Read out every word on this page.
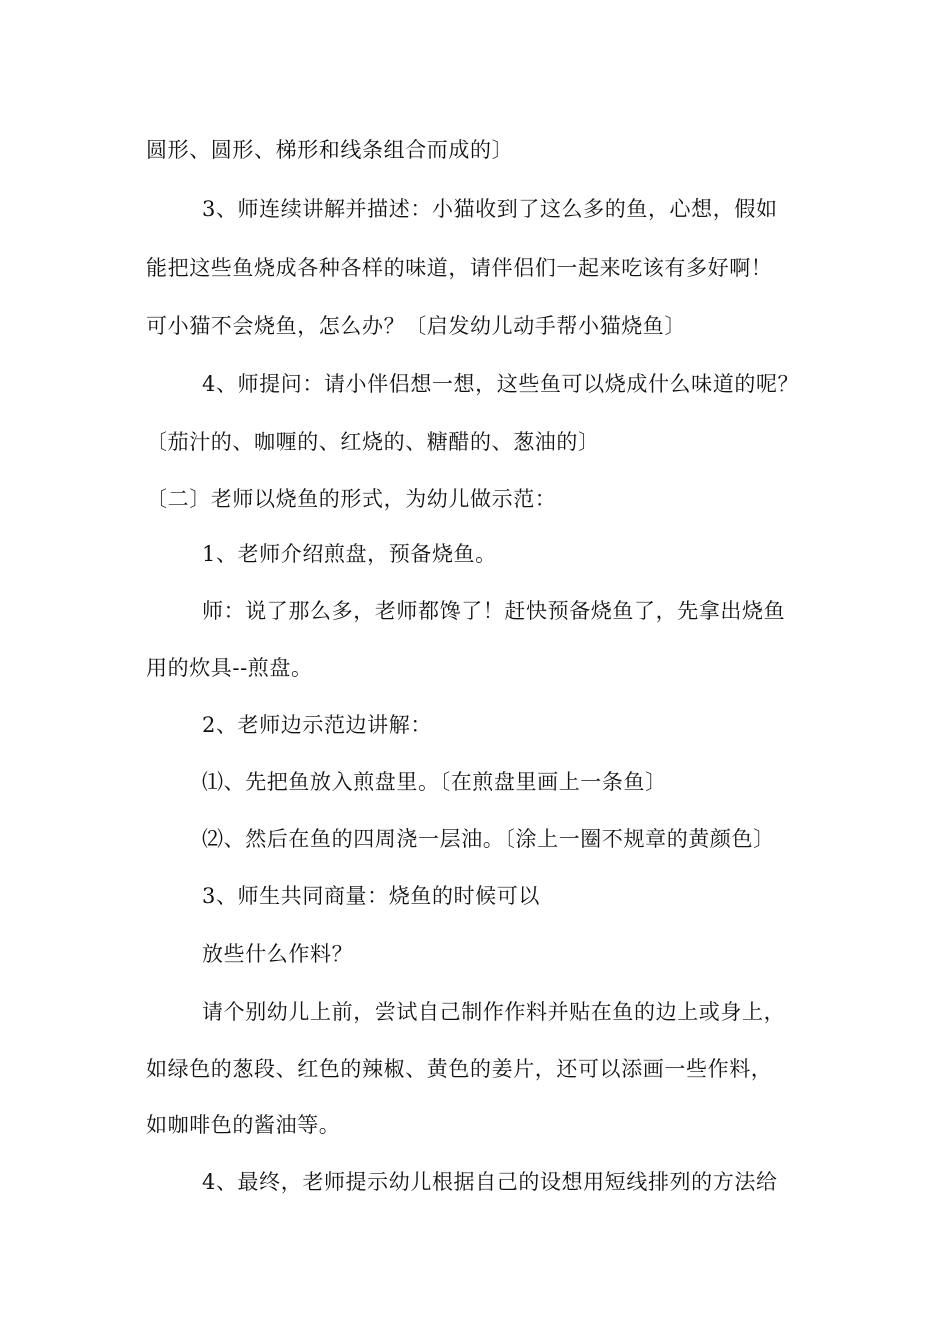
圆形、圆形、梯形和线条组合而成的〕
3、师连续讲解并描述：小猫收到了这么多的鱼，心想，假如
能把这些鱼烧成各种各样的味道，请伴侣们一起来吃该有多好啊！
可小猫不会烧鱼，怎么办？〔启发幼儿动手帮小猫烧鱼〕
4、师提问：请小伴侣想一想，这些鱼可以烧成什么味道的呢？
〔茄汁的、咖喱的、红烧的、糖醋的、葱油的〕
〔二〕老师以烧鱼的形式，为幼儿做示范：
1、老师介绍煎盘，预备烧鱼。
师：说了那么多，老师都馋了！赶快预备烧鱼了，先拿出烧鱼
用的炊具--煎盘。
2、老师边示范边讲解：
⑴、先把鱼放入煎盘里。〔在煎盘里画上一条鱼〕
⑵、然后在鱼的四周浇一层油。〔涂上一圈不规章的黄颜色〕
3、师生共同商量：烧鱼的时候可以
放些什么作料？
请个别幼儿上前，尝试自己制作作料并贴在鱼的边上或身上，
如绿色的葱段、红色的辣椒、黄色的姜片，还可以添画一些作料，
如咖啡色的酱油等。
4、最终，老师提示幼儿根据自己的设想用短线排列的方法给
